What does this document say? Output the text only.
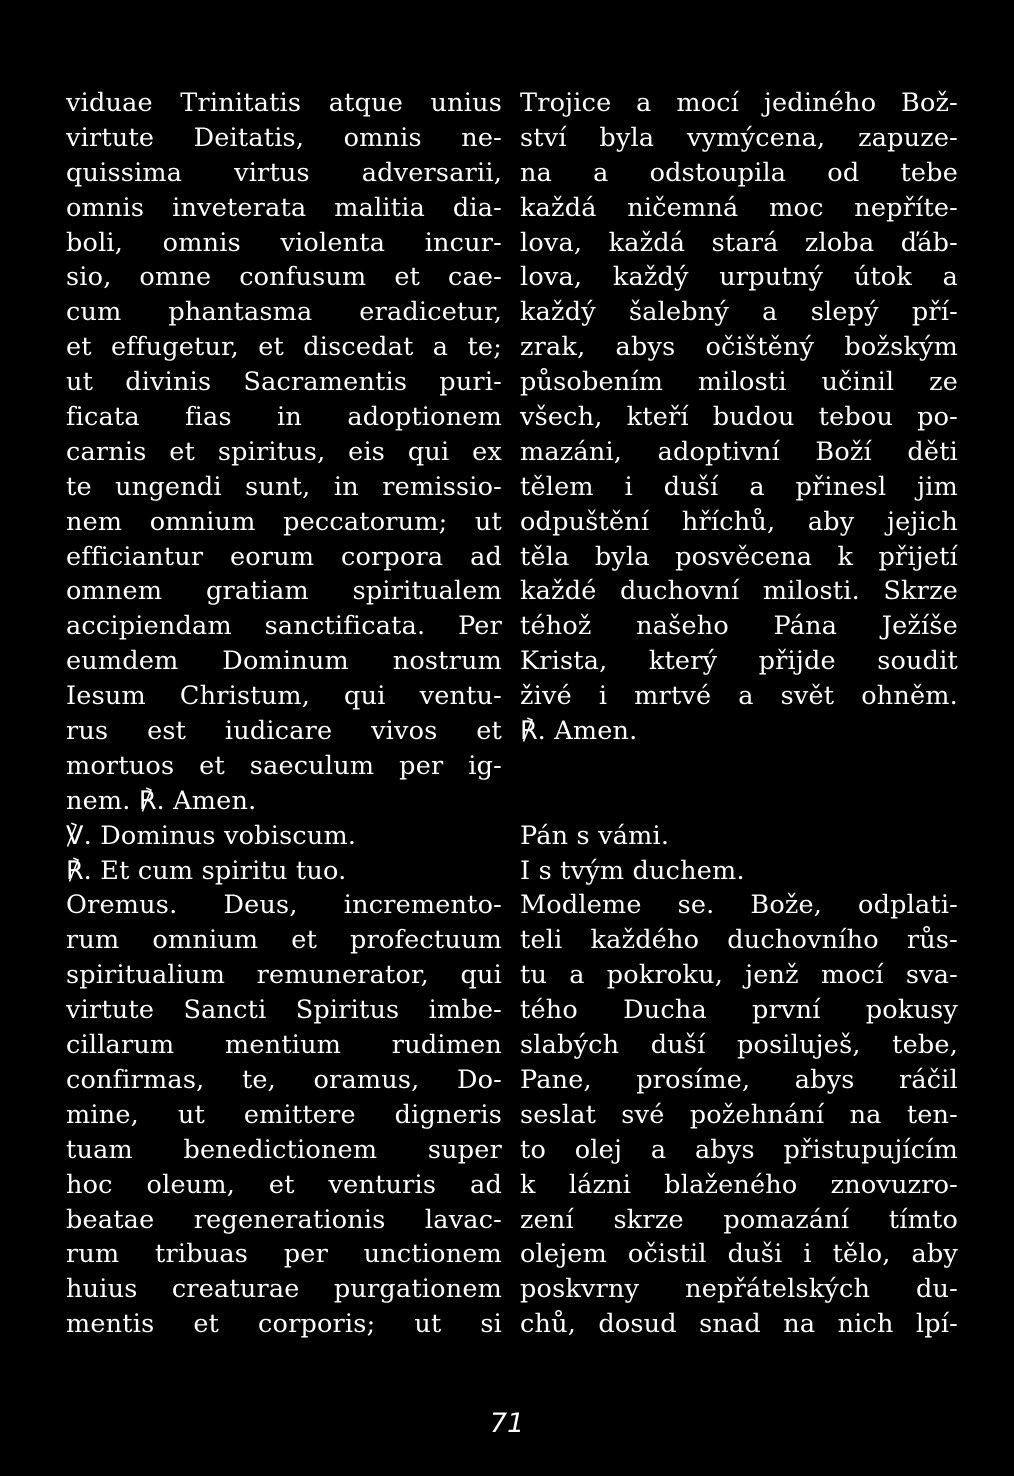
viduae Trinitatis atque unius
virtute Deitatis, omnis ne-
quissima virtus adversarii,
omnis inveterata malitia dia-
boli, omnis violenta incur-
sio, omne confusum et cae-
cum phantasma eradicetur,
et effugetur, et discedat a te;
ut divinis Sacramentis puri-
ficata fias in adoptionem
carnis et spiritus, eis qui ex
te ungendi sunt, in remissio-
nem omnium peccatorum; ut
efficiantur eorum corpora ad
omnem gratiam spiritualem
accipiendam sanctificata. Per
eumdem Dominum nostrum
Iesum Christum, qui ventu-
rus est iudicare vivos et
mortuos et saeculum per ig-
nem. ℟. Amen.
℣. Dominus vobiscum.
℟. Et cum spiritu tuo.
Oremus. Deus, incremento-
rum omnium et profectuum
spiritualium remunerator, qui
virtute Sancti Spiritus imbe-
cillarum mentium rudimen
confirmas, te, oramus, Do-
mine, ut emittere digneris
tuam benedictionem super
hoc oleum, et venturis ad
beatae regenerationis lavac-
rum tribuas per unctionem
huius creaturae purgationem
mentis et corporis; ut si
Trojice a mocí jediného Bož-
ství byla vymýcena, zapuze-
na a odstoupila od tebe
každá ničemná moc nepříte-
lova, každá stará zloba ďáb-
lova, každý urputný útok a
každý šalebný a slepý pří-
zrak, abys očištěný božským
působením milosti učinil ze
všech, kteří budou tebou po-
mazáni, adoptivní Boží děti
tělem i duší a přinesl jim
odpuštění hříchů, aby jejich
těla byla posvěcena k přijetí
každé duchovní milosti. Skrze
téhož našeho Pána Ježíše
Krista, který přijde soudit
živé i mrtvé a svět ohněm.
℟. Amen.

Pán s vámi.
I s tvým duchem.
Modleme se. Bože, odplati-
teli každého duchovního růs-
tu a pokroku, jenž mocí sva-
tého Ducha první pokusy
slabých duší posiluješ, tebe,
Pane, prosíme, abys ráčil
seslat své požehnání na ten-
to olej a abys přistupujícím
k lázni blaženého znovuzro-
zení skrze pomazání tímto
olejem očistil duši i tělo, aby
poskvrny nepřátelských du-
chů, dosud snad na nich lpí-
71
